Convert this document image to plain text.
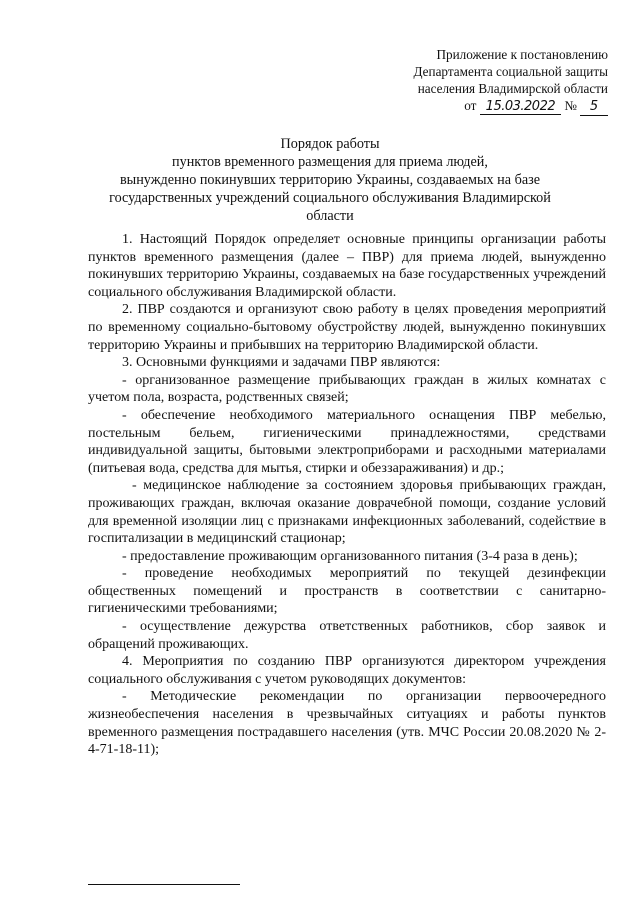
Приложение к постановлению
Департамента социальной защиты
населения Владимирской области
от 15.03.2022 № 5
Порядок работы
пунктов временного размещения для приема людей,
вынужденно покинувших территорию Украины, создаваемых на базе
государственных учреждений социального обслуживания Владимирской
области

1. Настоящий Порядок определяет основные принципы организации работы пунктов временного размещения (далее – ПВР) для приема людей, вынужденно покинувших территорию Украины, создаваемых на базе государственных учреждений социального обслуживания Владимирской области.

2. ПВР создаются и организуют свою работу в целях проведения мероприятий по временному социально-бытовому обустройству людей, вынужденно покинувших территорию Украины и прибывших на территорию Владимирской области.

3. Основными функциями и задачами ПВР являются:

- организованное размещение прибывающих граждан в жилых комнатах с учетом пола, возраста, родственных связей;

- обеспечение необходимого материального оснащения ПВР мебелью, постельным бельем, гигиеническими принадлежностями, средствами индивидуальной защиты, бытовыми электроприборами и расходными материалами (питьевая вода, средства для мытья, стирки и обеззараживания) и др.;

- медицинское наблюдение за состоянием здоровья прибывающих граждан, проживающих граждан, включая оказание доврачебной помощи, создание условий для временной изоляции лиц с признаками инфекционных заболеваний, содействие в госпитализации в медицинский стационар;

- предоставление проживающим организованного питания (3-4 раза в день);

- проведение необходимых мероприятий по текущей дезинфекции общественных помещений и пространств в соответствии с санитарно-гигиеническими требованиями;

- осуществление дежурства ответственных работников, сбор заявок и обращений проживающих.

4. Мероприятия по созданию ПВР организуются директором учреждения социального обслуживания с учетом руководящих документов:

- Методические рекомендации по организации первоочередного жизнеобеспечения населения в чрезвычайных ситуациях и работы пунктов временного размещения пострадавшего населения (утв. МЧС России 20.08.2020 № 2-4-71-18-11);
